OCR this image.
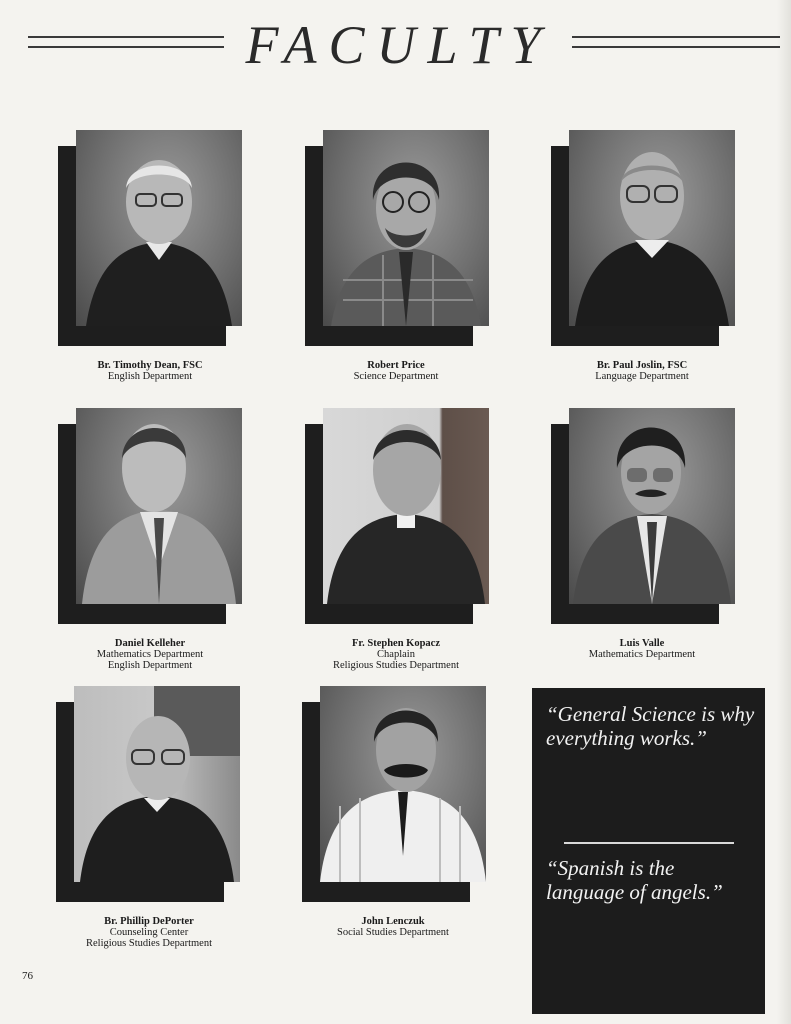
FACULTY
Br. Timothy Dean, FSC
English Department
Robert Price
Science Department
Br. Paul Joslin, FSC
Language Department
Daniel Kelleher
Mathematics Department
English Department
Fr. Stephen Kopacz
Chaplain
Religious Studies Department
Luis Valle
Mathematics Department
Br. Phillip DePorter
Counseling Center
Religious Studies Department
John Lenczuk
Social Studies Department
“General Science is why everything works.”
“Spanish is the language of angels.”
76
